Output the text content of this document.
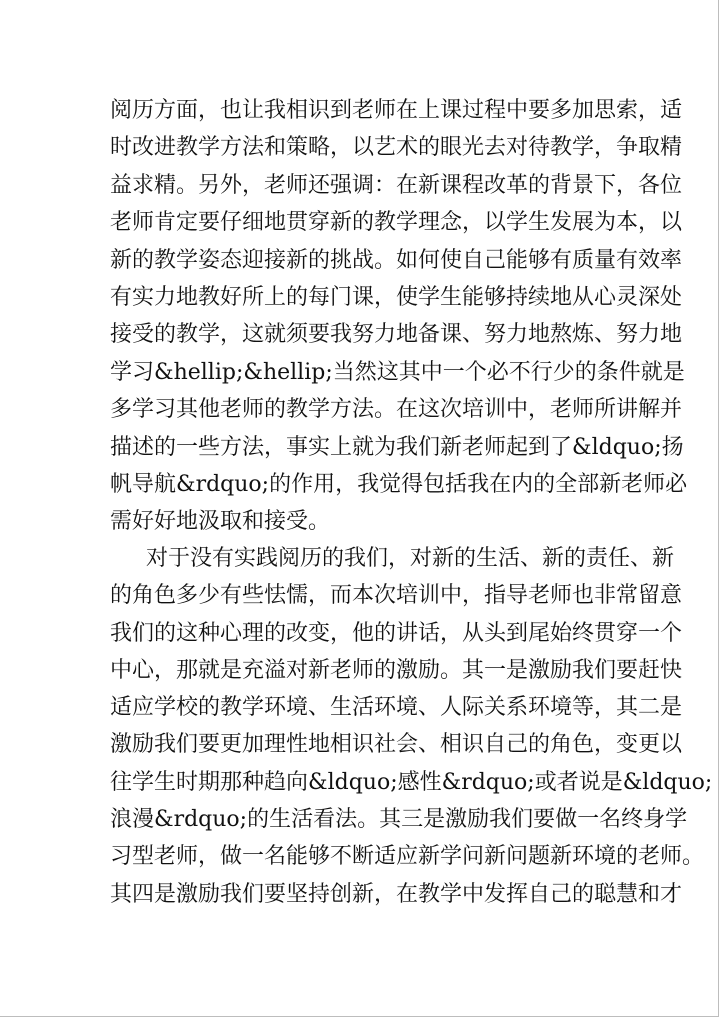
阅历方面，也让我相识到老师在上课过程中要多加思索，适
时改进教学方法和策略，以艺术的眼光去对待教学，争取精
益求精。另外，老师还强调：在新课程改革的背景下，各位
老师肯定要仔细地贯穿新的教学理念，以学生发展为本，以
新的教学姿态迎接新的挑战。如何使自己能够有质量有效率
有实力地教好所上的每门课，使学生能够持续地从心灵深处
接受的教学，这就须要我努力地备课、努力地熬炼、努力地
学习&hellip;&hellip;当然这其中一个必不行少的条件就是
多学习其他老师的教学方法。在这次培训中，老师所讲解并
描述的一些方法，事实上就为我们新老师起到了&ldquo;扬
帆导航&rdquo;的作用，我觉得包括我在内的全部新老师必
需好好地汲取和接受。
对于没有实践阅历的我们，对新的生活、新的责任、新
的角色多少有些怯懦，而本次培训中，指导老师也非常留意
我们的这种心理的改变，他的讲话，从头到尾始终贯穿一个
中心，那就是充溢对新老师的激励。其一是激励我们要赶快
适应学校的教学环境、生活环境、人际关系环境等，其二是
激励我们要更加理性地相识社会、相识自己的角色，变更以
往学生时期那种趋向&ldquo;感性&rdquo;或者说是&ldquo;
浪漫&rdquo;的生活看法。其三是激励我们要做一名终身学
习型老师，做一名能够不断适应新学问新问题新环境的老师。
其四是激励我们要坚持创新，在教学中发挥自己的聪慧和才
